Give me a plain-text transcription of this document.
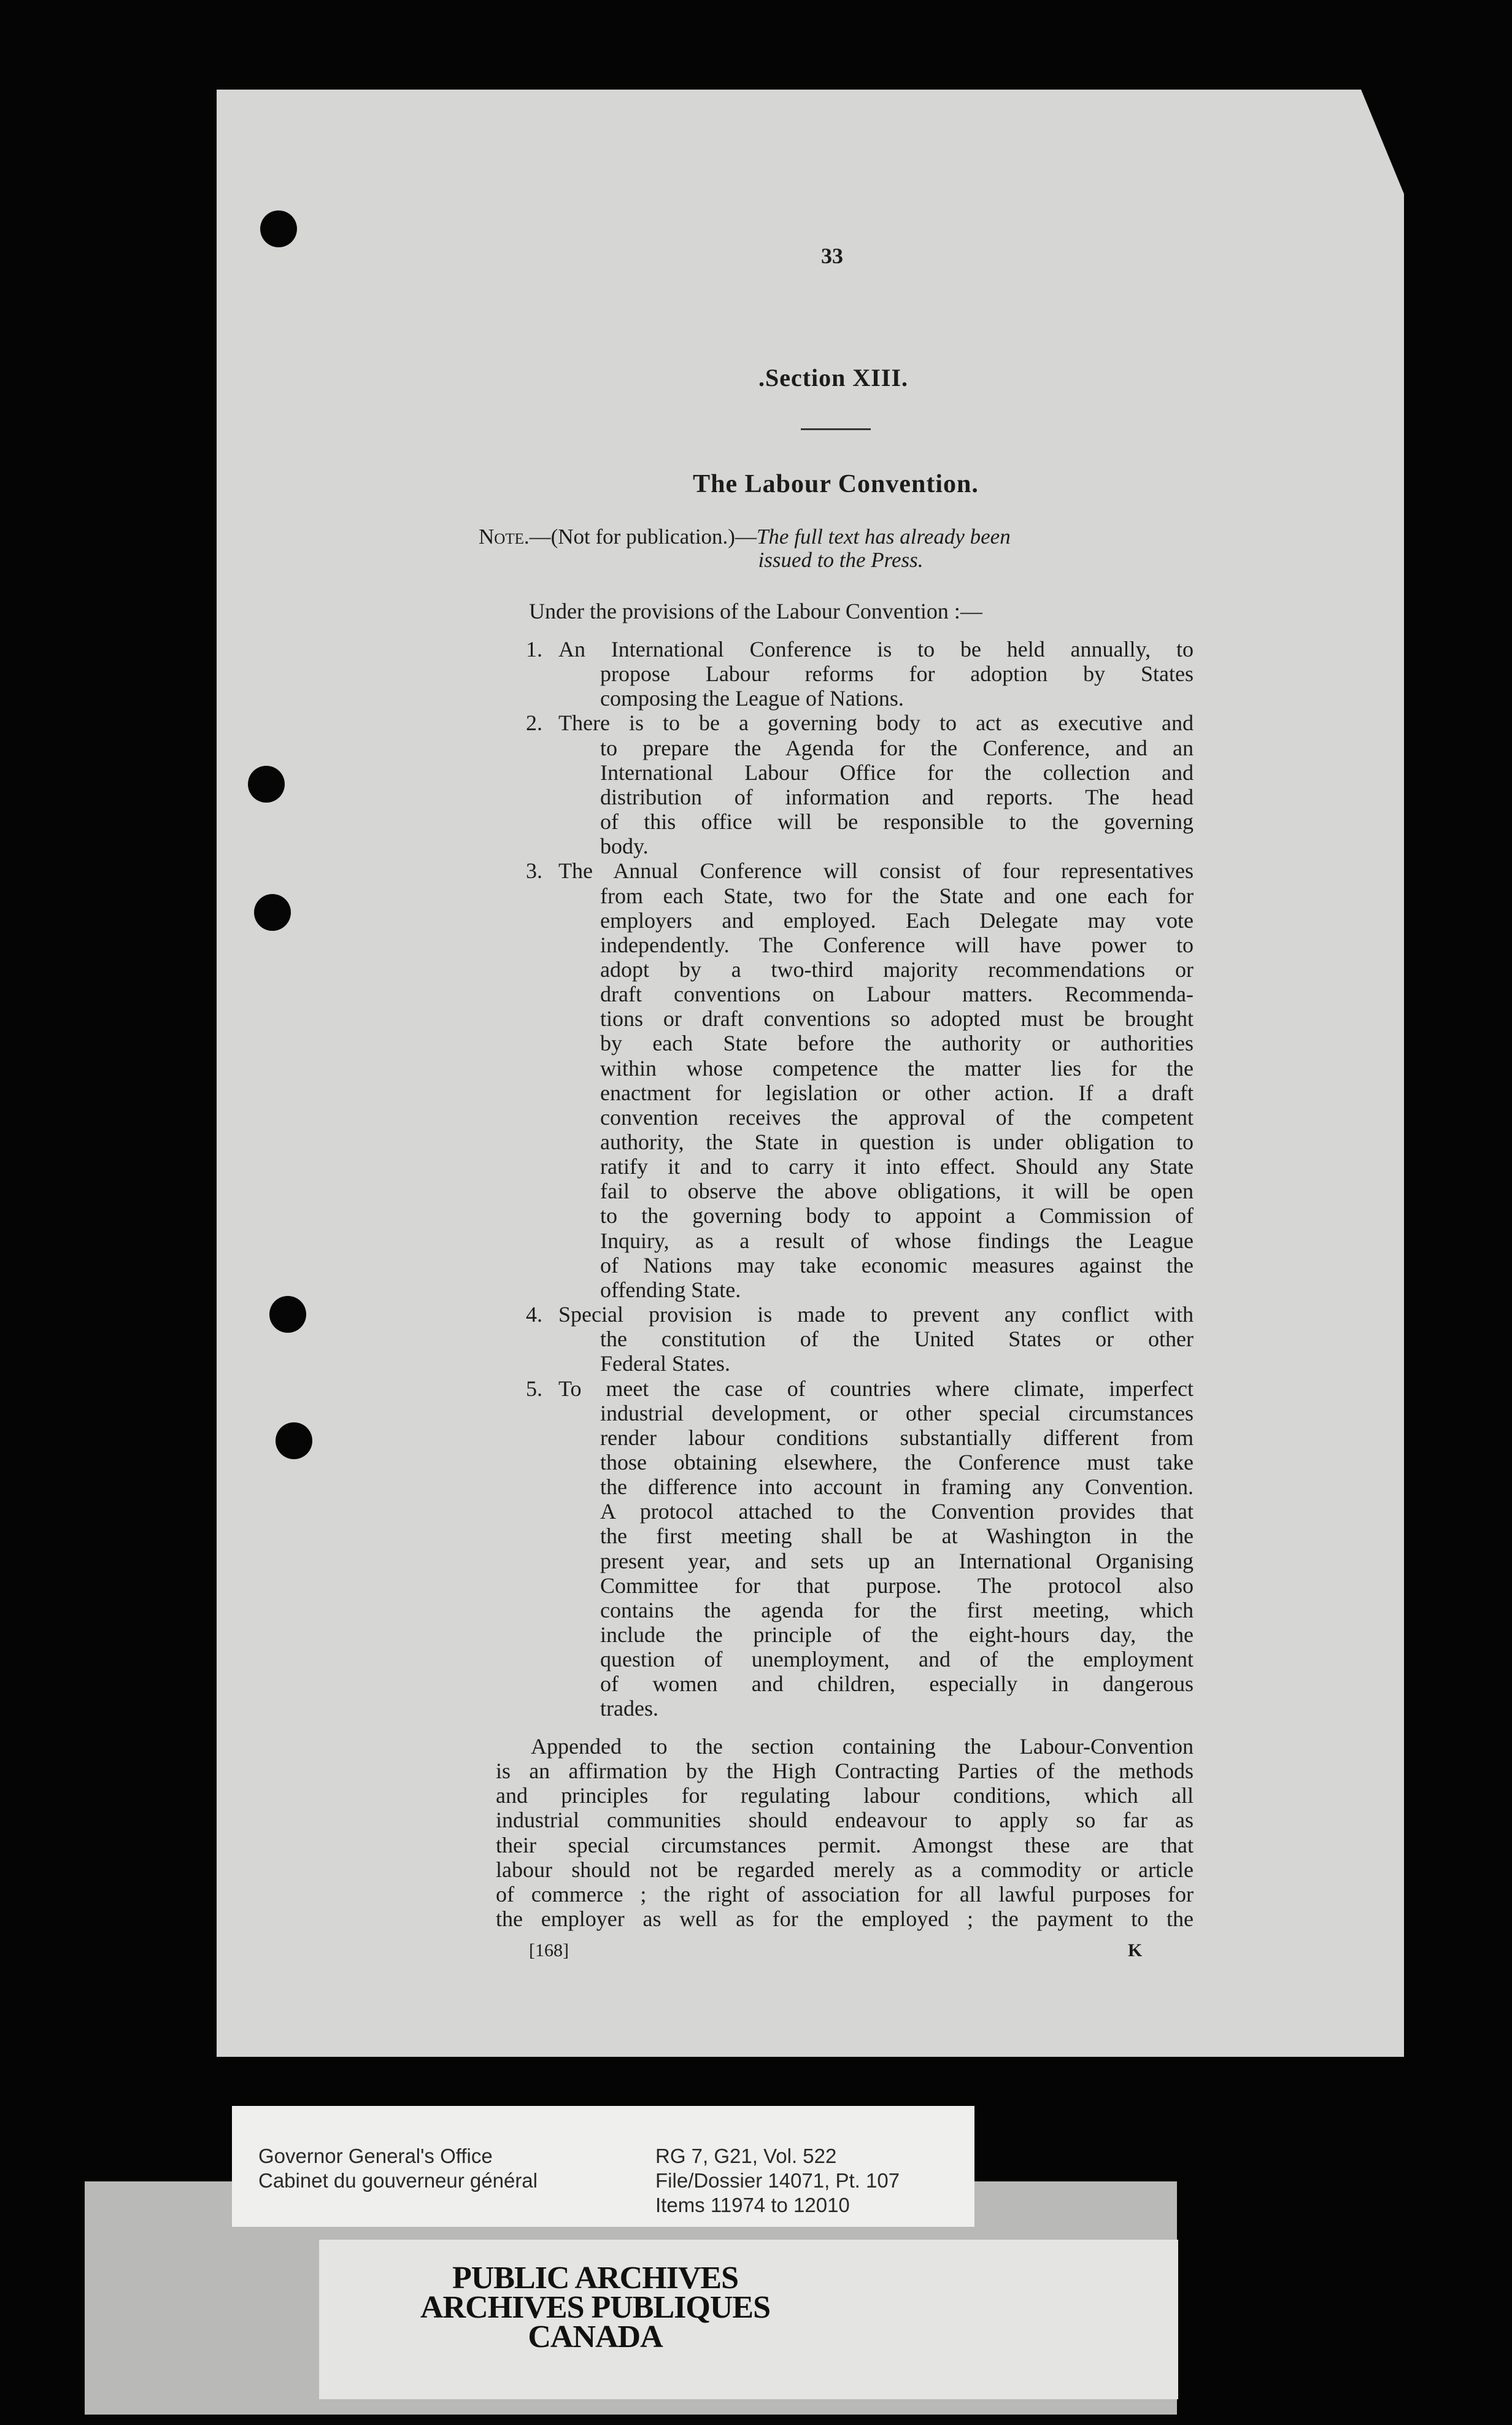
33
.Section XIII.
The Labour Convention.
Note.—(Not for publication.)—The full text has already been
issued to the Press.
Under the provisions of the Labour Convention :—
1. An International Conference is to be held annually, to
propose Labour reforms for adoption by States
composing the League of Nations.
2. There is to be a governing body to act as executive and
to prepare the Agenda for the Conference, and an
International Labour Office for the collection and
distribution of information and reports. The head
of this office will be responsible to the governing
body.
3. The Annual Conference will consist of four representatives
from each State, two for the State and one each for
employers and employed. Each Delegate may vote
independently. The Conference will have power to
adopt by a two-third majority recommendations or
draft conventions on Labour matters. Recommenda-
tions or draft conventions so adopted must be brought
by each State before the authority or authorities
within whose competence the matter lies for the
enactment for legislation or other action. If a draft
convention receives the approval of the competent
authority, the State in question is under obligation to
ratify it and to carry it into effect. Should any State
fail to observe the above obligations, it will be open
to the governing body to appoint a Commission of
Inquiry, as a result of whose findings the League
of Nations may take economic measures against the
offending State.
4. Special provision is made to prevent any conflict with
the constitution of the United States or other
Federal States.
5. To meet the case of countries where climate, imperfect
industrial development, or other special circumstances
render labour conditions substantially different from
those obtaining elsewhere, the Conference must take
the difference into account in framing any Convention.
A protocol attached to the Convention provides that
the first meeting shall be at Washington in the
present year, and sets up an International Organising
Committee for that purpose. The protocol also
contains the agenda for the first meeting, which
include the principle of the eight-hours day, the
question of unemployment, and of the employment
of women and children, especially in dangerous
trades.
Appended to the section containing the Labour-Convention
is an affirmation by the High Contracting Parties of the methods
and principles for regulating labour conditions, which all
industrial communities should endeavour to apply so far as
their special circumstances permit. Amongst these are that
labour should not be regarded merely as a commodity or article
of commerce ; the right of association for all lawful purposes for
the employer as well as for the employed ; the payment to the
[168]	K
Governor General's Office
Cabinet du gouverneur général
RG 7, G21, Vol. 522
File/Dossier 14071, Pt. 107
Items 11974 to 12010
PUBLIC ARCHIVES
ARCHIVES PUBLIQUES
CANADA
